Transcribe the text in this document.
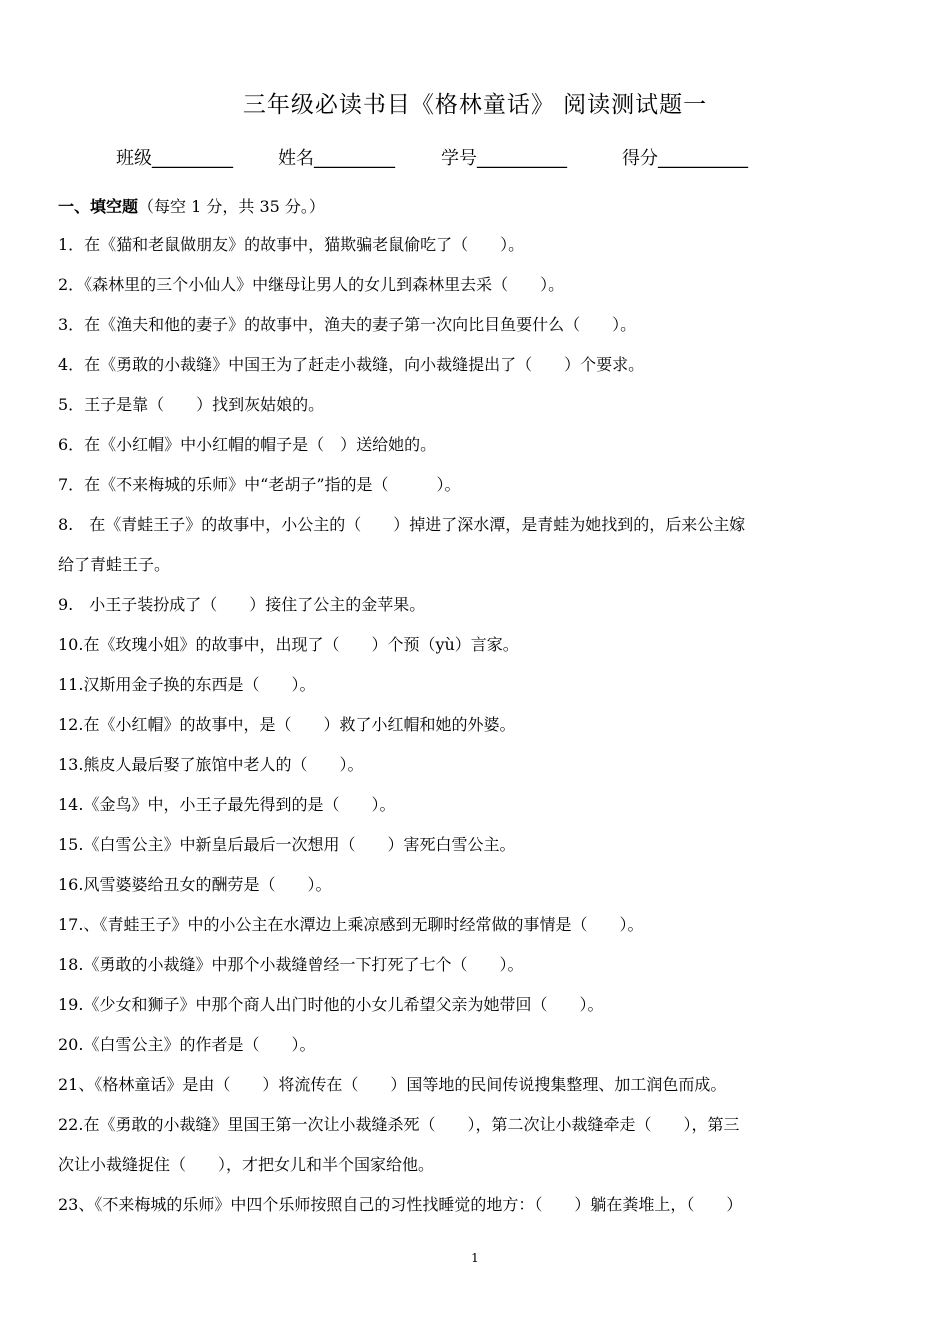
三年级必读书目《格林童话》 阅读测试题一
班级_________	姓名_________	学号__________	得分__________
一、填空题（每空 1 分，共 35 分。）
1．在《猫和老鼠做朋友》的故事中，猫欺骗老鼠偷吃了（　　）。
2．《森林里的三个小仙人》中继母让男人的女儿到森林里去采（　　）。
3．在《渔夫和他的妻子》的故事中，渔夫的妻子第一次向比目鱼要什么（　　）。
4．在《勇敢的小裁缝》中国王为了赶走小裁缝，向小裁缝提出了（　　）个要求。
5．王子是靠（　　）找到灰姑娘的。
6．在《小红帽》中小红帽的帽子是（　）送给她的。
7．在《不来梅城的乐师》中“老胡子”指的是（　　　）。
8.　在《青蛙王子》的故事中，小公主的（　　）掉进了深水潭，是青蛙为她找到的，后来公主嫁
给了青蛙王子。
9.　小王子装扮成了（　　）接住了公主的金苹果。
10.在《玫瑰小姐》的故事中，出现了（　　）个预（yù）言家。
11.汉斯用金子换的东西是（　　）。
12.在《小红帽》的故事中，是（　　）救了小红帽和她的外婆。
13.熊皮人最后娶了旅馆中老人的（　　）。
14.《金鸟》中，小王子最先得到的是（　　）。
15.《白雪公主》中新皇后最后一次想用（　　）害死白雪公主。
16.风雪婆婆给丑女的酬劳是（　　）。
17.、《青蛙王子》中的小公主在水潭边上乘凉感到无聊时经常做的事情是（　　）。
18.《勇敢的小裁缝》中那个小裁缝曾经一下打死了七个（　　）。
19.《少女和狮子》中那个商人出门时他的小女儿希望父亲为她带回（　　）。
20.《白雪公主》的作者是（　　）。
21、《格林童话》是由（　　）将流传在（　　）国等地的民间传说搜集整理、加工润色而成。
22.在《勇敢的小裁缝》里国王第一次让小裁缝杀死（　　），第二次让小裁缝牵走（　　），第三
次让小裁缝捉住（　　），才把女儿和半个国家给他。
23、《不来梅城的乐师》中四个乐师按照自己的习性找睡觉的地方：（　　）躺在粪堆上，（　　）
1
